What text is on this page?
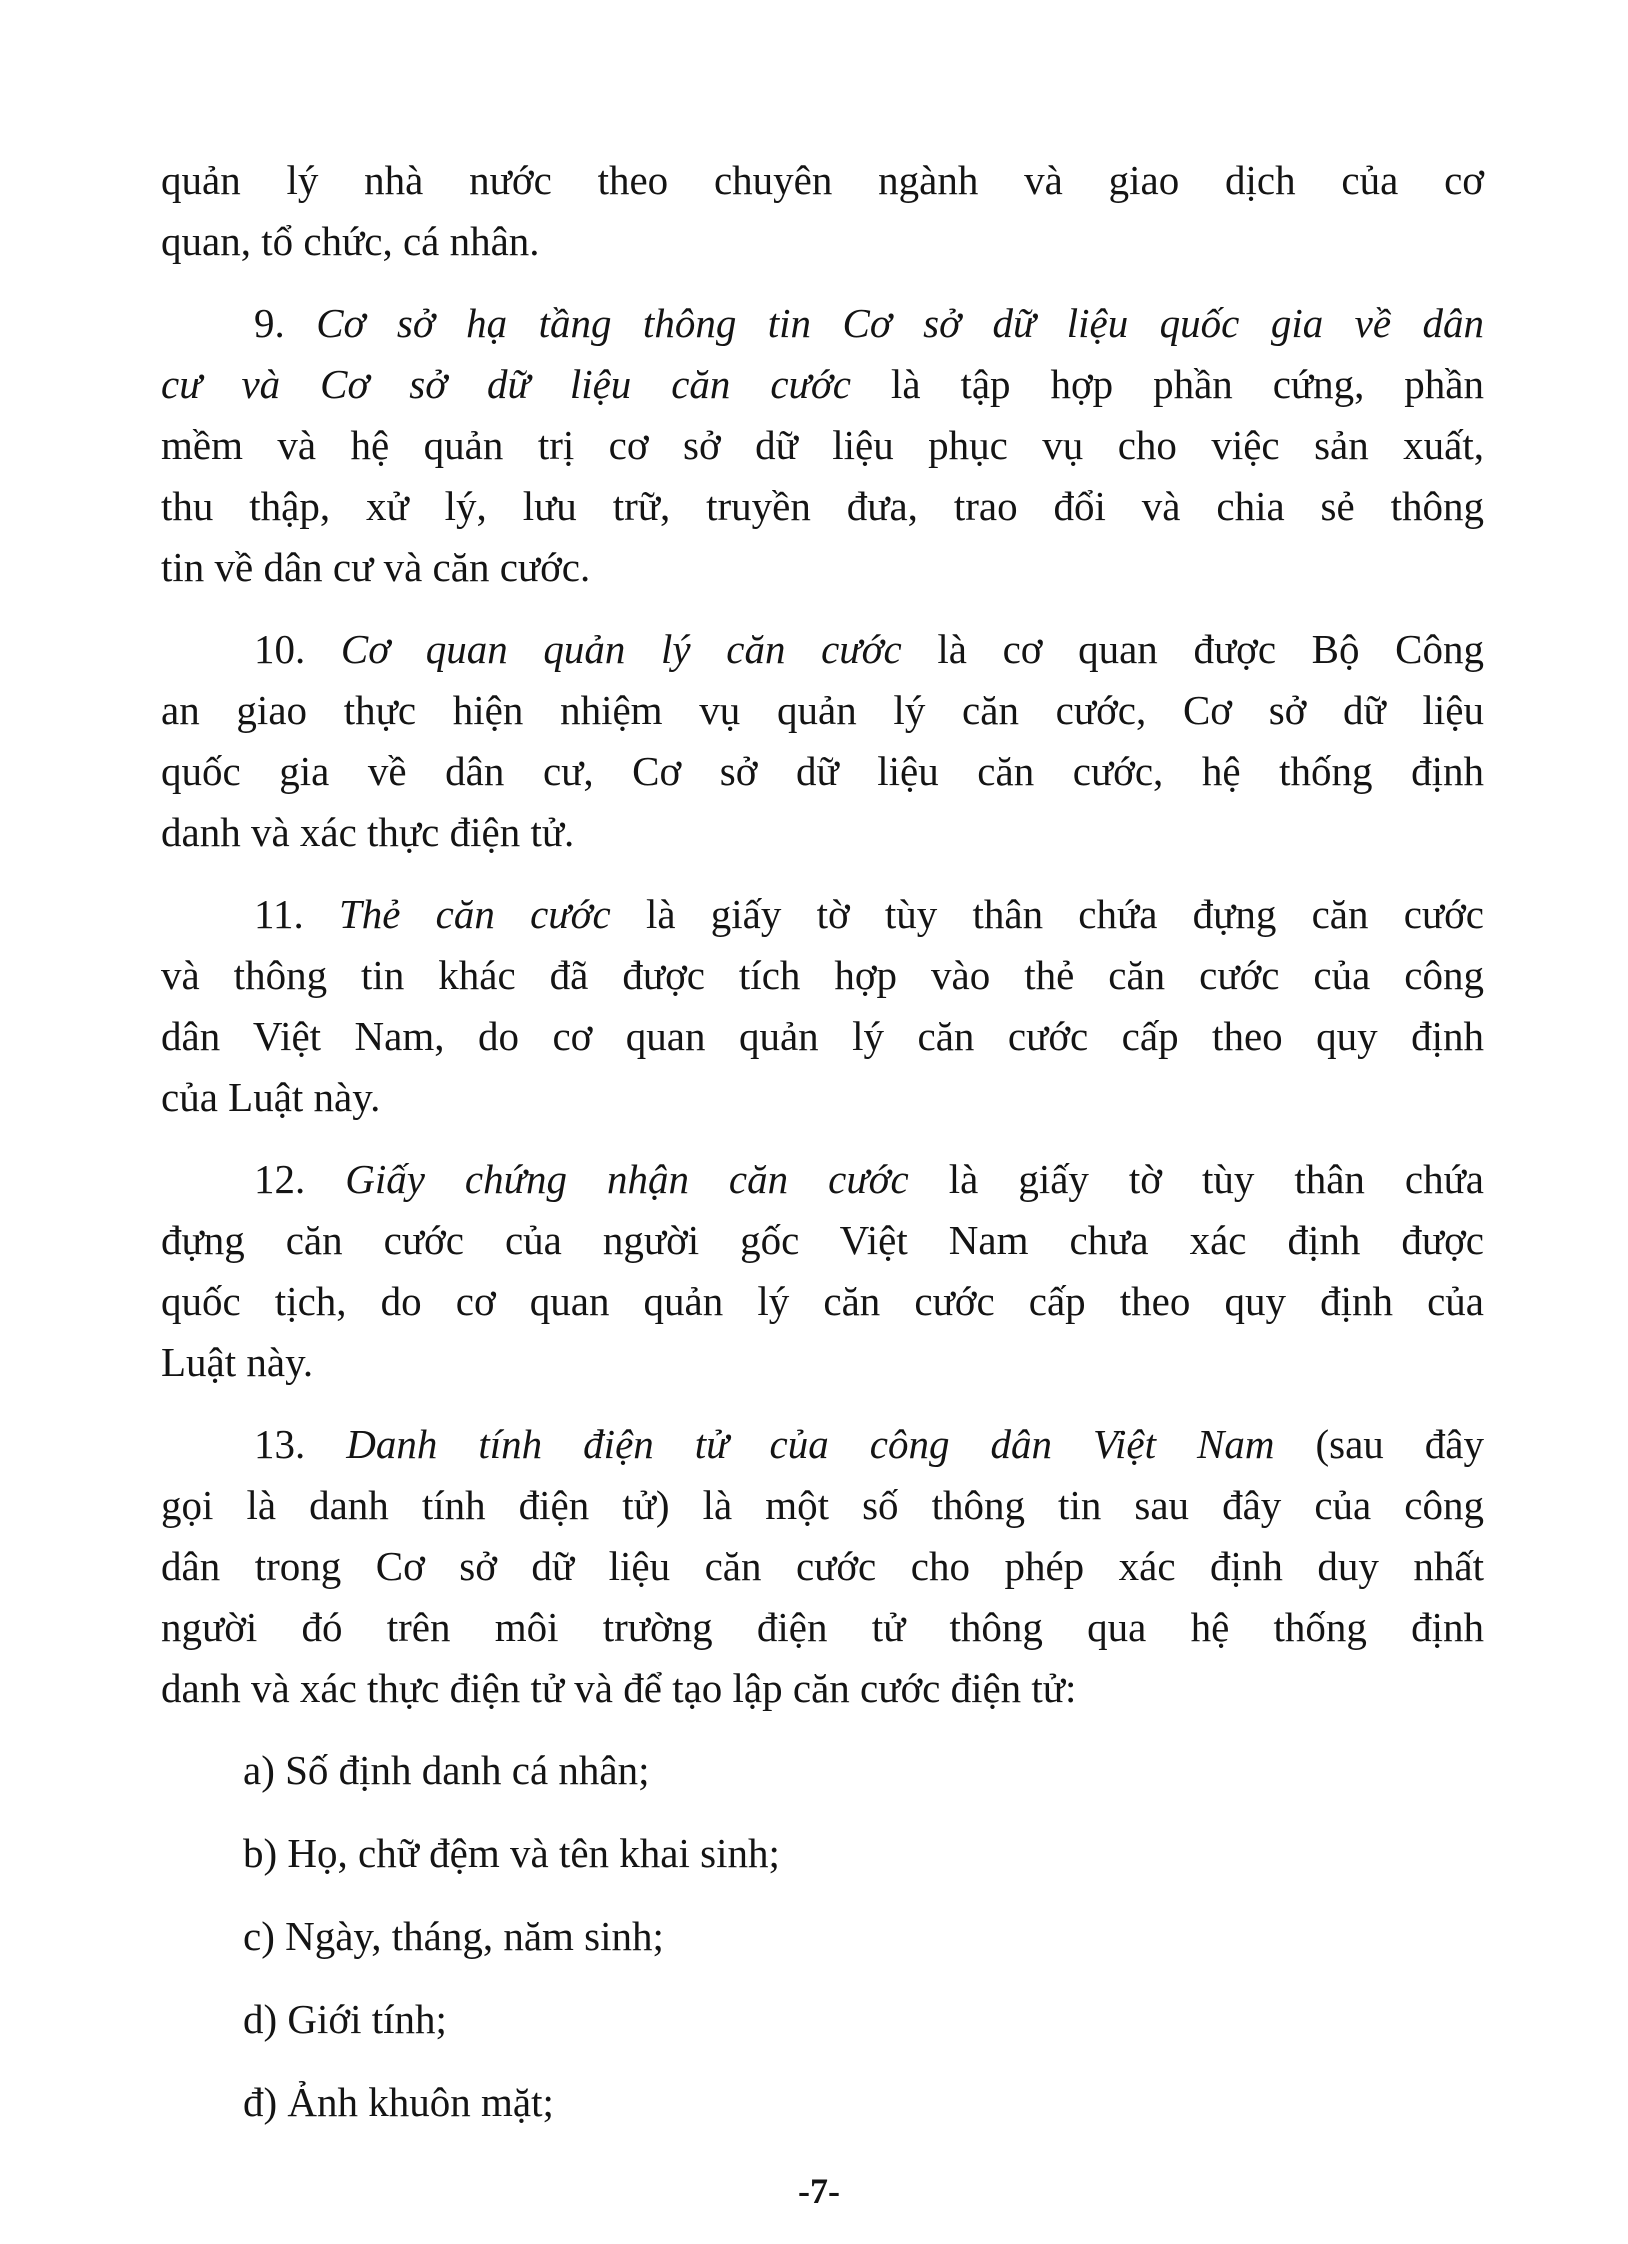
quản lý nhà nước theo chuyên ngành và giao dịch của cơ
quan, tổ chức, cá nhân.
9. Cơ sở hạ tầng thông tin Cơ sở dữ liệu quốc gia về dân
cư và Cơ sở dữ liệu căn cước là tập hợp phần cứng, phần
mềm và hệ quản trị cơ sở dữ liệu phục vụ cho việc sản xuất,
thu thập, xử lý, lưu trữ, truyền đưa, trao đổi và chia sẻ thông
tin về dân cư và căn cước.
10. Cơ quan quản lý căn cước là cơ quan được Bộ Công
an giao thực hiện nhiệm vụ quản lý căn cước, Cơ sở dữ liệu
quốc gia về dân cư, Cơ sở dữ liệu căn cước, hệ thống định
danh và xác thực điện tử.
11. Thẻ căn cước là giấy tờ tùy thân chứa đựng căn cước
và thông tin khác đã được tích hợp vào thẻ căn cước của công
dân Việt Nam, do cơ quan quản lý căn cước cấp theo quy định
của Luật này.
12. Giấy chứng nhận căn cước là giấy tờ tùy thân chứa
đựng căn cước của người gốc Việt Nam chưa xác định được
quốc tịch, do cơ quan quản lý căn cước cấp theo quy định của
Luật này.
13. Danh tính điện tử của công dân Việt Nam (sau đây
gọi là danh tính điện tử) là một số thông tin sau đây của công
dân trong Cơ sở dữ liệu căn cước cho phép xác định duy nhất
người đó trên môi trường điện tử thông qua hệ thống định
danh và xác thực điện tử và để tạo lập căn cước điện tử:
a) Số định danh cá nhân;
b) Họ, chữ đệm và tên khai sinh;
c) Ngày, tháng, năm sinh;
d) Giới tính;
đ) Ảnh khuôn mặt;
-7-
